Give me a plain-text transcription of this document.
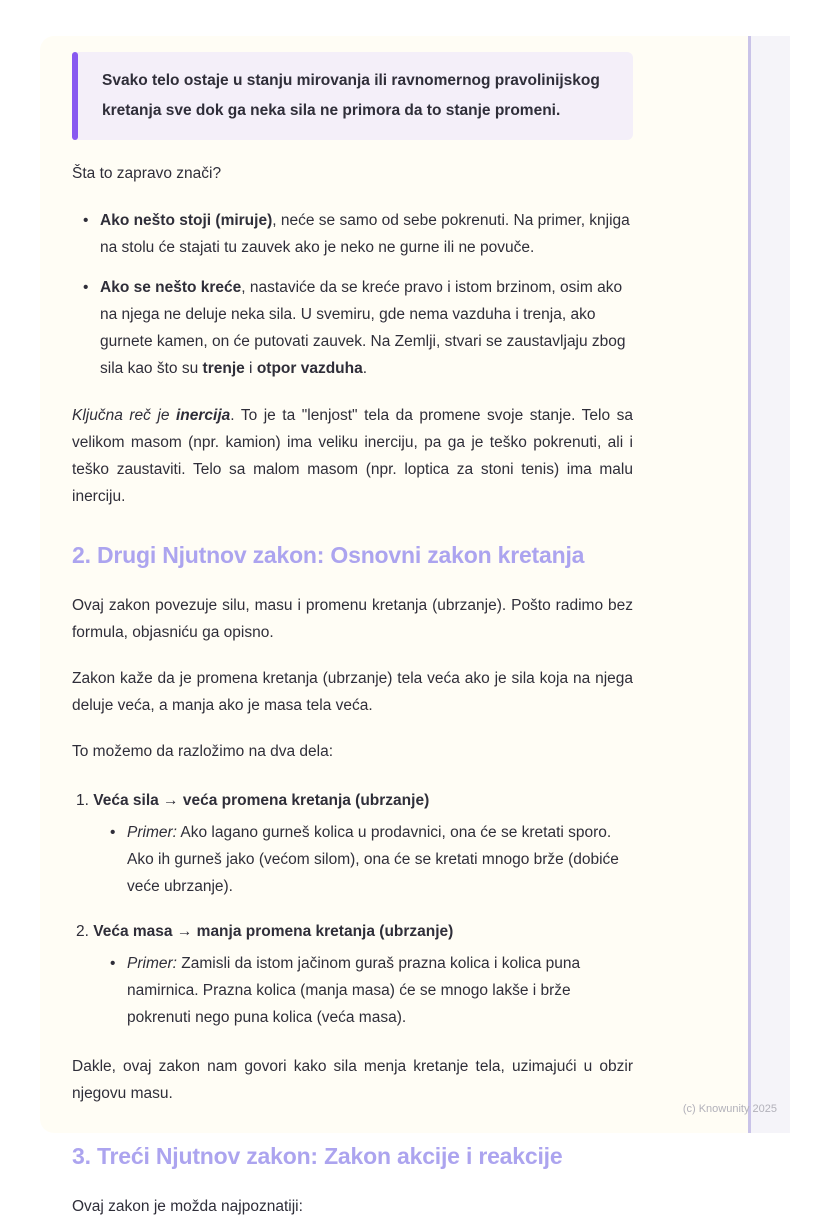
Svako telo ostaje u stanju mirovanja ili ravnomernog pravolinijskog kretanja sve dok ga neka sila ne primora da to stanje promeni.

Šta to zapravo znači?

• Ako nešto stoji (miruje), neće se samo od sebe pokrenuti. Na primer, knjiga na stolu će stajati tu zauvek ako je neko ne gurne ili ne povuče.
• Ako se nešto kreće, nastaviće da se kreće pravo i istom brzinom, osim ako na njega ne deluje neka sila. U svemiru, gde nema vazduha i trenja, ako gurnete kamen, on će putovati zauvek. Na Zemlji, stvari se zaustavljaju zbog sila kao što su trenje i otpor vazduha.

Ključna reč je inercija. To je ta "lenjost" tela da promene svoje stanje. Telo sa velikom masom (npr. kamion) ima veliku inerciju, pa ga je teško pokrenuti, ali i teško zaustaviti. Telo sa malom masom (npr. loptica za stoni tenis) ima malu inerciju.

2. Drugi Njutnov zakon: Osnovni zakon kretanja

Ovaj zakon povezuje silu, masu i promenu kretanja (ubrzanje). Pošto radimo bez formula, objasniću ga opisno.

Zakon kaže da je promena kretanja (ubrzanje) tela veća ako je sila koja na njega deluje veća, a manja ako je masa tela veća.

To možemo da razložimo na dva dela:

1. Veća sila → veća promena kretanja (ubrzanje)
• Primer: Ako lagano gurneš kolica u prodavnici, ona će se kretati sporo. Ako ih gurneš jako (većom silom), ona će se kretati mnogo brže (dobiće veće ubrzanje).
2. Veća masa → manja promena kretanja (ubrzanje)
• Primer: Zamisli da istom jačinom guraš prazna kolica i kolica puna namirnica. Prazna kolica (manja masa) će se mnogo lakše i brže pokrenuti nego puna kolica (veća masa).

Dakle, ovaj zakon nam govori kako sila menja kretanje tela, uzimajući u obzir njegovu masu.

3. Treći Njutnov zakon: Zakon akcije i reakcije

Ovaj zakon je možda najpoznatiji:

(c) Knowunity 2025
